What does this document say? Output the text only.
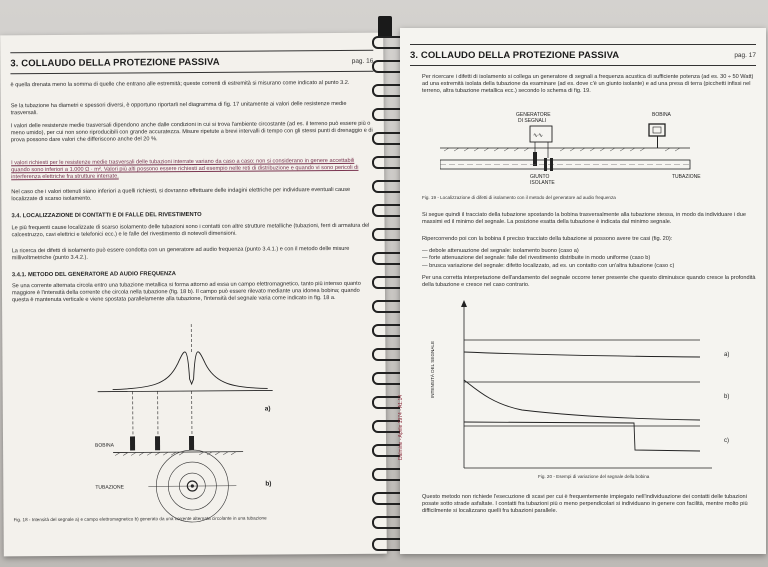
3. COLLAUDO DELLA PROTEZIONE PASSIVA	pag. 16

è quella drenata meno la somma di quelle che entrano alle estremità; queste correnti di estremità si misurano come indicato al punto 3.2.

Se la tubazione ha diametri e spessori diversi, è opportuno riportarli nel diagramma di fig. 17 unitamente ai valori delle resistenze medie trasversali.

I valori delle resistenze medie trasversali dipendono anche dalle condizioni in cui si trova l'ambiente circostante (ad es. il terreno può essere più o meno umido), per cui non sono riproducibili con grande accuratezza. Misure ripetute a brevi intervalli di tempo con gli stessi punti di drenaggio e di prova possono dare valori che differiscono anche del 20 %.

I valori richiesti per le resistenze medie trasversali delle tubazioni interrate variano da caso a caso: non si considerano in genere accettabili quando sono inferiori a 1.000 Ω · m². Valori più alti possono essere richiesti ad esempio nelle reti di distribuzione e quando vi sono pericoli di interferenza elettriche fra strutture interrate.

Nel caso che i valori ottenuti siano inferiori a quelli richiesti, si dovranno effettuare delle indagini elettriche per individuare eventuali cause localizzate di scarso isolamento.

3.4. LOCALIZZAZIONE DI CONTATTI E DI FALLE DEL RIVESTIMENTO

Le più frequenti cause localizzate di scarso isolamento delle tubazioni sono i contatti con altre strutture metalliche (tubazioni, ferri di armatura del calcestruzzo, cavi elettrici e telefonici ecc.) e le falle del rivestimento di notevoli dimensioni.

La ricerca dei difetti di isolamento può essere condotta con un generatore ad audio frequenza (punto 3.4.1.) e con il metodo delle misure millivoltmetriche (punto 3.4.2.).

3.4.1. METODO DEL GENERATORE AD AUDIO FREQUENZA

Se una corrente alternata circola entro una tubazione metallica si forma attorno ad essa un campo elettromagnetico, tanto più intenso quanto maggiore è l'intensità della corrente che circola nella tubazione (fig. 18 b). Il campo può essere rilevato mediante una idonea bobina; quando questa è mantenuta verticale e viene spostata parallelamente alla tubazione, l'intensità del segnale varia come indicato in fig. 18 a.

a)
b)
BOBINA
TUBAZIONE
Fig. 18 - Intensità del segnale a) e campo elettromagnetico b) generato da una corrente alternata circolante in una tubazione
3. COLLAUDO DELLA PROTEZIONE PASSIVA	pag. 17

Per ricercare i difetti di isolamento si collega un generatore di segnali a frequenza acustica di sufficiente potenza (ad es. 30 ÷ 50 Watt) ad una estremità isolata della tubazione da esaminare (ad es. dove c'è un giunto isolante) e ad una presa di terra (picchetti infissi nel terreno, altra tubazione metallica ecc.) secondo lo schema di fig. 19.

∿∿
GENERATORE
DI SEGNALI
BOBINA
GIUNTO
ISOLANTE
TUBAZIONE
Fig. 19 - Localizzazione di difetti di isolamento con il metodo del generatore ad audio frequenza

Si segue quindi il tracciato della tubazione spostando la bobina trasversalmente alla tubazione stessa, in modo da individuare i due massimi ed il minimo del segnale. La posizione esatta della tubazione è indicata dal minimo segnale.

Ripercorrendo poi con la bobina il preciso tracciato della tubazione si possono avere tre casi (fig. 20):

— debole attenuazione del segnale: isolamento buono (caso a)
— forte attenuazione del segnale: falle del rivestimento distribuite in modo uniforme (caso b)
— brusca variazione del segnale: difetto localizzato, ad es. un contatto con un'altra tubazione (caso c)

Per una corretta interpretazione dell'andamento del segnale occorre tener presente che questo diminuisce quando cresce la profondità della tubazione e cresce nel caso contrario.

INTENSITÀ DEL SEGNALE	a)
b)
c)
Fig. 20 - Esempi di variazione del segnale della bobina

Questo metodo non richiede l'esecuzione di scavi per cui è frequentemente impiegato nell'individuazione dei contatti delle tubazioni posate sotto strade asfaltate. I contatti fra tubazioni più o meno perpendicolari si individuano in genere con facilità, mentre molto più difficilmente si localizzano quelli fra tubazioni parallele.

Dalmine - Aprile 1974 - A1.14
